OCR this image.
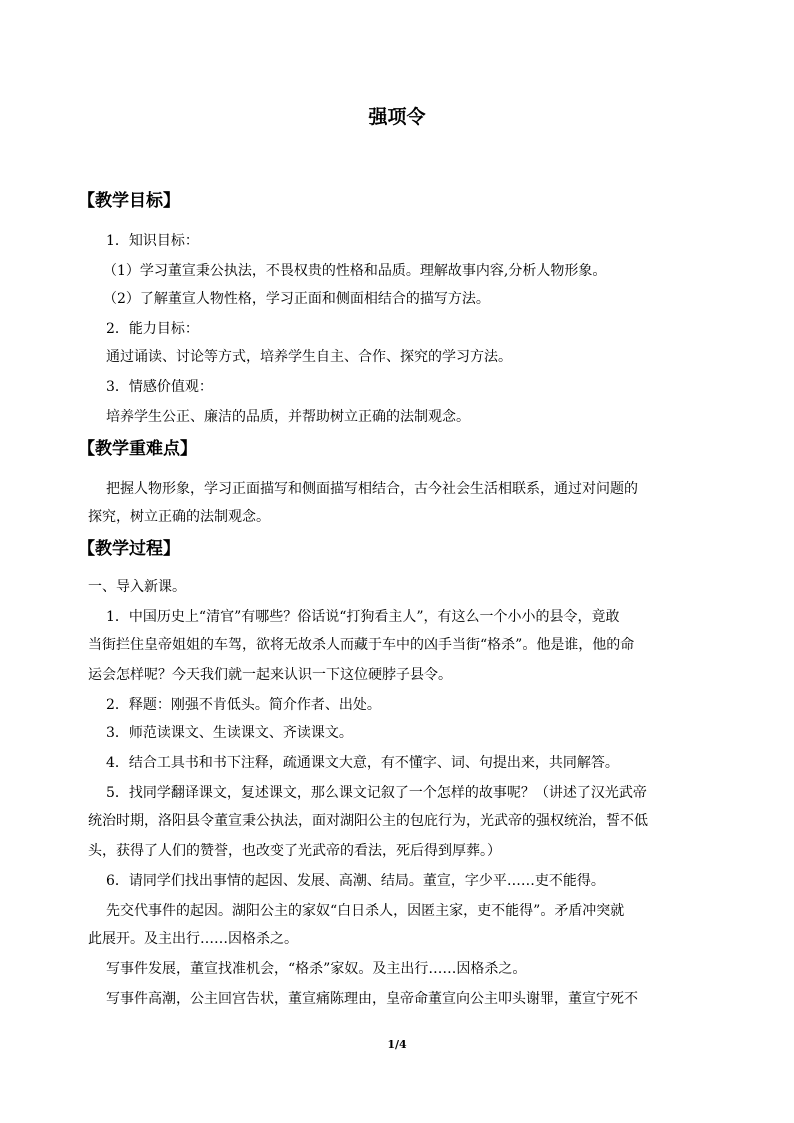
强项令
【教学目标】
1．知识目标：
（1）学习董宣秉公执法，不畏权贵的性格和品质。理解故事内容,分析人物形象。
（2）了解董宣人物性格，学习正面和侧面相结合的描写方法。
2．能力目标：
通过诵读、讨论等方式，培养学生自主、合作、探究的学习方法。
3．情感价值观：
培养学生公正、廉洁的品质，并帮助树立正确的法制观念。
【教学重难点】
把握人物形象，学习正面描写和侧面描写相结合，古今社会生活相联系，通过对问题的
探究，树立正确的法制观念。
【教学过程】
一、导入新课。
1．中国历史上“清官”有哪些？俗话说“打狗看主人”，有这么一个小小的县令，竟敢
当街拦住皇帝姐姐的车驾，欲将无故杀人而藏于车中的凶手当街“格杀”。他是谁，他的命
运会怎样呢？今天我们就一起来认识一下这位硬脖子县令。
2．释题：刚强不肯低头。简介作者、出处。
3．师范读课文、生读课文、齐读课文。
4．结合工具书和书下注释，疏通课文大意，有不懂字、词、句提出来，共同解答。
5．找同学翻译课文，复述课文，那么课文记叙了一个怎样的故事呢？（讲述了汉光武帝
统治时期，洛阳县令董宣秉公执法，面对湖阳公主的包庇行为，光武帝的强权统治，誓不低
头，获得了人们的赞誉，也改变了光武帝的看法，死后得到厚葬。）
6．请同学们找出事情的起因、发展、高潮、结局。董宣，字少平……吏不能得。
先交代事件的起因。湖阳公主的家奴“白日杀人，因匿主家，吏不能得”。矛盾冲突就
此展开。及主出行……因格杀之。
写事件发展，董宣找准机会，“格杀”家奴。及主出行……因格杀之。
写事件高潮，公主回宫告状，董宣痛陈理由，皇帝命董宣向公主叩头谢罪，董宣宁死不
1/4
